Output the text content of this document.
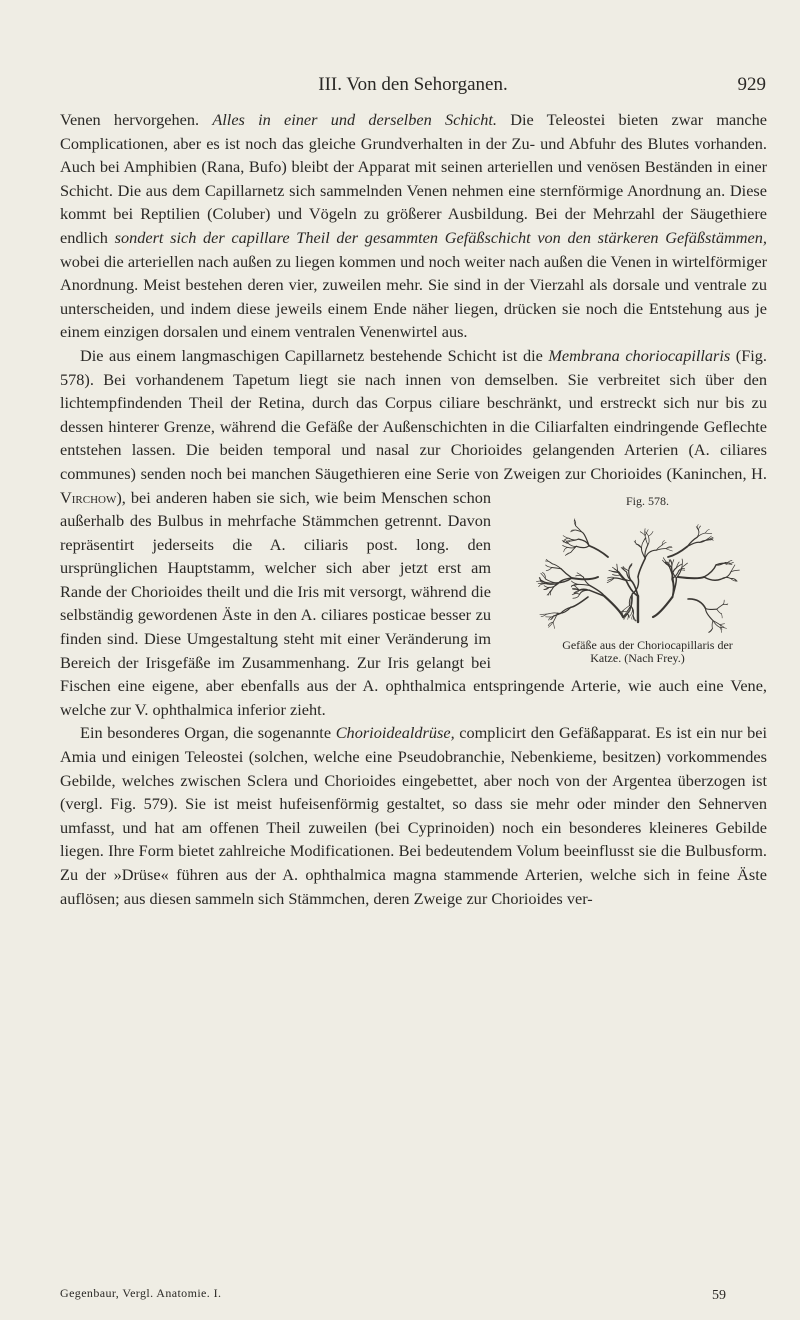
III. Von den Sehorganen.	929

Venen hervorgehen. Alles in einer und derselben Schicht. Die Teleostei bieten zwar manche Complicationen, aber es ist noch das gleiche Grundverhalten in der Zu- und Abfuhr des Blutes vorhanden. Auch bei Amphibien (Rana, Bufo) bleibt der Apparat mit seinen arteriellen und venösen Beständen in einer Schicht. Die aus dem Capillarnetz sich sammelnden Venen nehmen eine sternförmige Anordnung an. Diese kommt bei Reptilien (Coluber) und Vögeln zu größerer Ausbildung. Bei der Mehrzahl der Säugethiere endlich sondert sich der capillare Theil der gesammten Gefäßschicht von den stärkeren Gefäßstämmen, wobei die arteriellen nach außen zu liegen kommen und noch weiter nach außen die Venen in wirtelförmiger Anordnung. Meist bestehen deren vier, zuweilen mehr. Sie sind in der Vierzahl als dorsale und ventrale zu unterscheiden, und indem diese jeweils einem Ende näher liegen, drücken sie noch die Entstehung aus je einem einzigen dorsalen und einem ventralen Venenwirtel aus.

Die aus einem langmaschigen Capillarnetz bestehende Schicht ist die Membrana choriocapillaris (Fig. 578). Bei vorhandenem Tapetum liegt sie nach innen von demselben. Sie verbreitet sich über den lichtempfindenden Theil der Retina, durch das Corpus ciliare beschränkt, und erstreckt sich nur bis zu dessen hinterer Grenze, während die Gefäße der Außenschichten in die Ciliarfalten eindringende Geflechte entstehen lassen. Die beiden temporal und nasal zur Chorioides gelangenden Arterien (A. ciliares communes) senden noch bei manchen Säugethieren eine Serie von Zweigen zur Chorioides (Kaninchen, H.
Fig. 578.
Gefäße aus der Choriocapillaris der
Katze. (Nach Frey.)
Virchow), bei anderen haben sie sich, wie beim Menschen schon außerhalb des Bulbus in mehrfache Stämmchen getrennt. Davon repräsentirt jederseits die A. ciliaris post. long. den ursprünglichen Hauptstamm, welcher sich aber jetzt erst am Rande der Chorioides theilt und die Iris mit versorgt, während die selbständig gewordenen Äste in den A. ciliares posticae besser zu finden sind. Diese Umgestaltung steht mit einer Veränderung im Bereich der Irisgefäße im Zusammenhang. Zur Iris gelangt bei Fischen eine eigene, aber ebenfalls aus der A. ophthalmica entspringende Arterie, wie auch eine Vene, welche zur V. ophthalmica inferior zieht.

Ein besonderes Organ, die sogenannte Chorioidealdrüse, complicirt den Gefäßapparat. Es ist ein nur bei Amia und einigen Teleostei (solchen, welche eine Pseudobranchie, Nebenkieme, besitzen) vorkommendes Gebilde, welches zwischen Sclera und Chorioides eingebettet, aber noch von der Argentea überzogen ist (vergl. Fig. 579). Sie ist meist hufeisenförmig gestaltet, so dass sie mehr oder minder den Sehnerven umfasst, und hat am offenen Theil zuweilen (bei Cyprinoiden) noch ein besonderes kleineres Gebilde liegen. Ihre Form bietet zahlreiche Modificationen. Bei bedeutendem Volum beeinflusst sie die Bulbusform. Zu der »Drüse« führen aus der A. ophthalmica magna stammende Arterien, welche sich in feine Äste auflösen; aus diesen sammeln sich Stämmchen, deren Zweige zur Chorioides ver-

Gegenbaur, Vergl. Anatomie. I.	59
